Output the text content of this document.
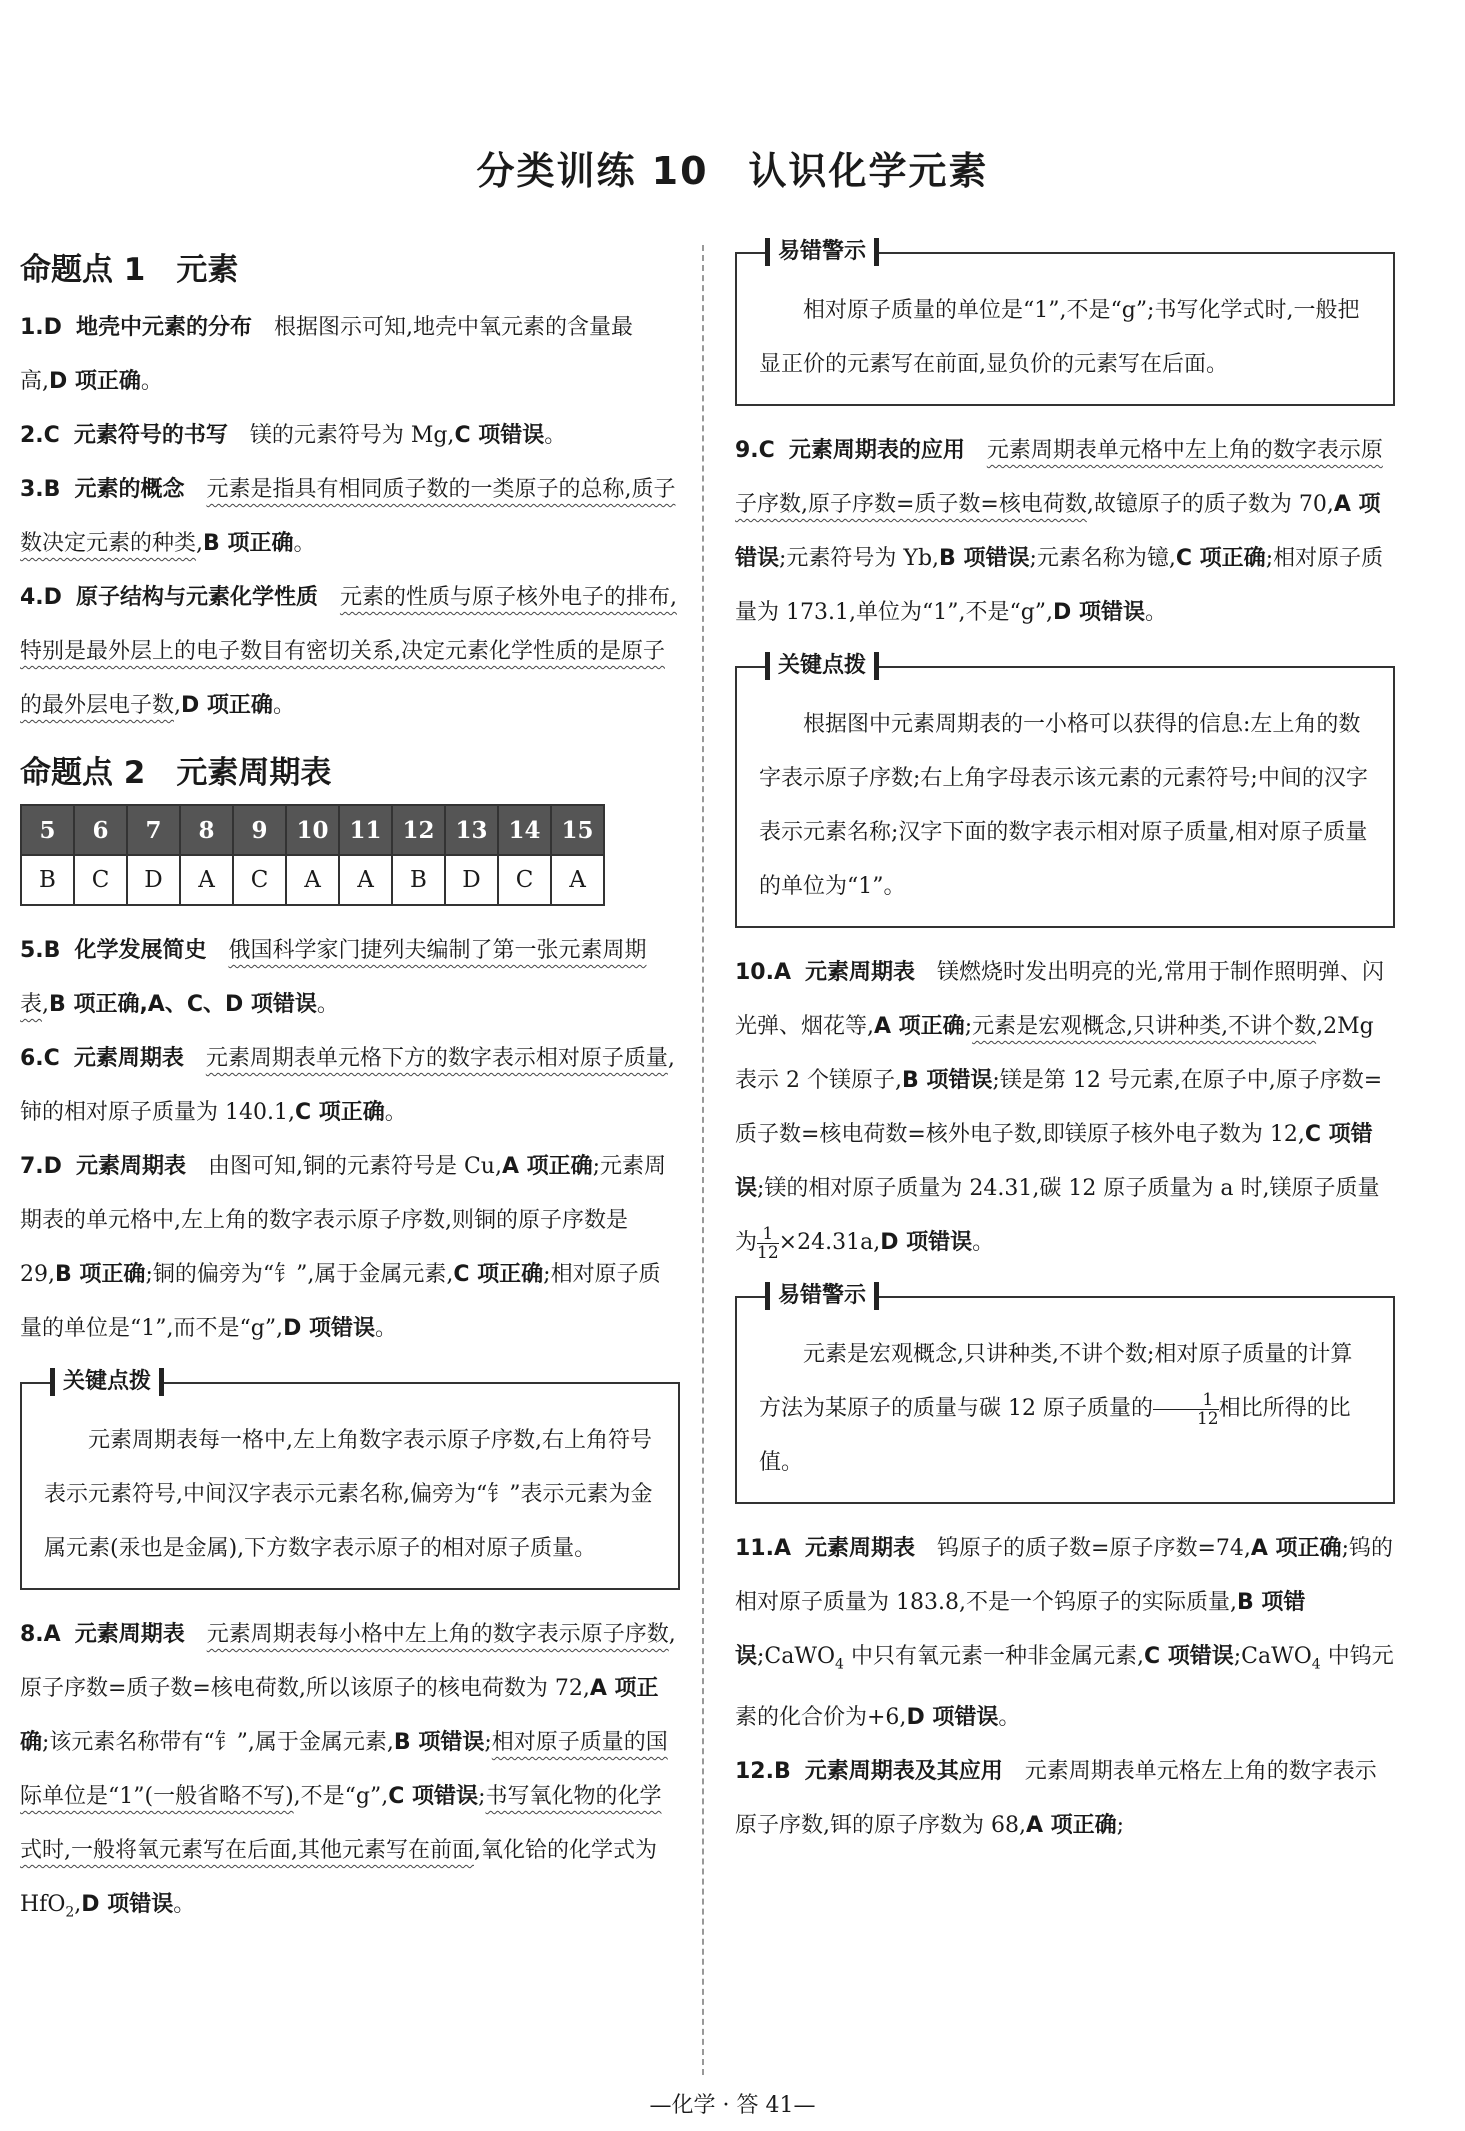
分类训练 10　认识化学元素
命题点 1　元素

1.D 地壳中元素的分布 根据图示可知,地壳中氧元素的含量最高,D 项正确。

2.C 元素符号的书写 镁的元素符号为 Mg,C 项错误。

3.B 元素的概念 元素是指具有相同质子数的一类原子的总称,质子数决定元素的种类,B 项正确。

4.D 原子结构与元素化学性质 元素的性质与原子核外电子的排布,特别是最外层上的电子数目有密切关系,决定元素化学性质的是原子的最外层电子数,D 项正确。

命题点 2　元素周期表
5	6	7	8	9	10	11	12	13	14	15
B	C	D	A	C	A	A	B	D	C	A

5.B 化学发展简史 俄国科学家门捷列夫编制了第一张元素周期表,B 项正确,A、C、D 项错误。

6.C 元素周期表 元素周期表单元格下方的数字表示相对原子质量,铈的相对原子质量为 140.1,C 项正确。

7.D 元素周期表 由图可知,铜的元素符号是 Cu,A 项正确;元素周期表的单元格中,左上角的数字表示原子序数,则铜的原子序数是 29,B 项正确;铜的偏旁为“钅”,属于金属元素,C 项正确;相对原子质量的单位是“1”,而不是“g”,D 项错误。

关键点拨

元素周期表每一格中,左上角数字表示原子序数,右上角符号表示元素符号,中间汉字表示元素名称,偏旁为“钅”表示元素为金属元素(汞也是金属),下方数字表示原子的相对原子质量。

8.A 元素周期表 元素周期表每小格中左上角的数字表示原子序数,原子序数=质子数=核电荷数,所以该原子的核电荷数为 72,A 项正确;该元素名称带有“钅”,属于金属元素,B 项错误;相对原子质量的国际单位是“1”(一般省略不写),不是“g”,C 项错误;书写氧化物的化学式时,一般将氧元素写在后面,其他元素写在前面,氧化铪的化学式为 HfO$_2$,D 项错误。

易错警示

相对原子质量的单位是“1”,不是“g”;书写化学式时,一般把显正价的元素写在前面,显负价的元素写在后面。

9.C 元素周期表的应用 元素周期表单元格中左上角的数字表示原子序数,原子序数=质子数=核电荷数,故镱原子的质子数为 70,A 项错误;元素符号为 Yb,B 项错误;元素名称为镱,C 项正确;相对原子质量为 173.1,单位为“1”,不是“g”,D 项错误。

关键点拨

根据图中元素周期表的一小格可以获得的信息:左上角的数字表示原子序数;右上角字母表示该元素的元素符号;中间的汉字表示元素名称;汉字下面的数字表示相对原子质量,相对原子质量的单位为“1”。

10.A 元素周期表 镁燃烧时发出明亮的光,常用于制作照明弹、闪光弹、烟花等,A 项正确;元素是宏观概念,只讲种类,不讲个数,2Mg 表示 2 个镁原子,B 项错误;镁是第 12 号元素,在原子中,原子序数=质子数=核电荷数=核外电子数,即镁原子核外电子数为 12,C 项错误;镁的相对原子质量为 24.31,碳 12 原子质量为 a 时,镁原子质量为 $\frac{1}{12} \times 24.31a,D$ 项错误。

易错警示

元素是宏观概念,只讲种类,不讲个数;相对原子质量的计算方法为某原子的质量与碳 12 原子质量的 $\frac{1}{12}$ 相比所得的比值。

11.A 元素周期表 钨原子的质子数=原子序数=74,A 项正确;钨的相对原子质量为 183.8,不是一个钨原子的实际质量,B 项错误;CaWO$_4$ 中只有氧元素一种非金属元素,C 项错误;CaWO$_4$ 中钨元素的化合价为+6,D 项错误。

12.B 元素周期表及其应用 元素周期表单元格左上角的数字表示原子序数,铒的原子序数为 68,A 项正确;

—化学 · 答 41—
